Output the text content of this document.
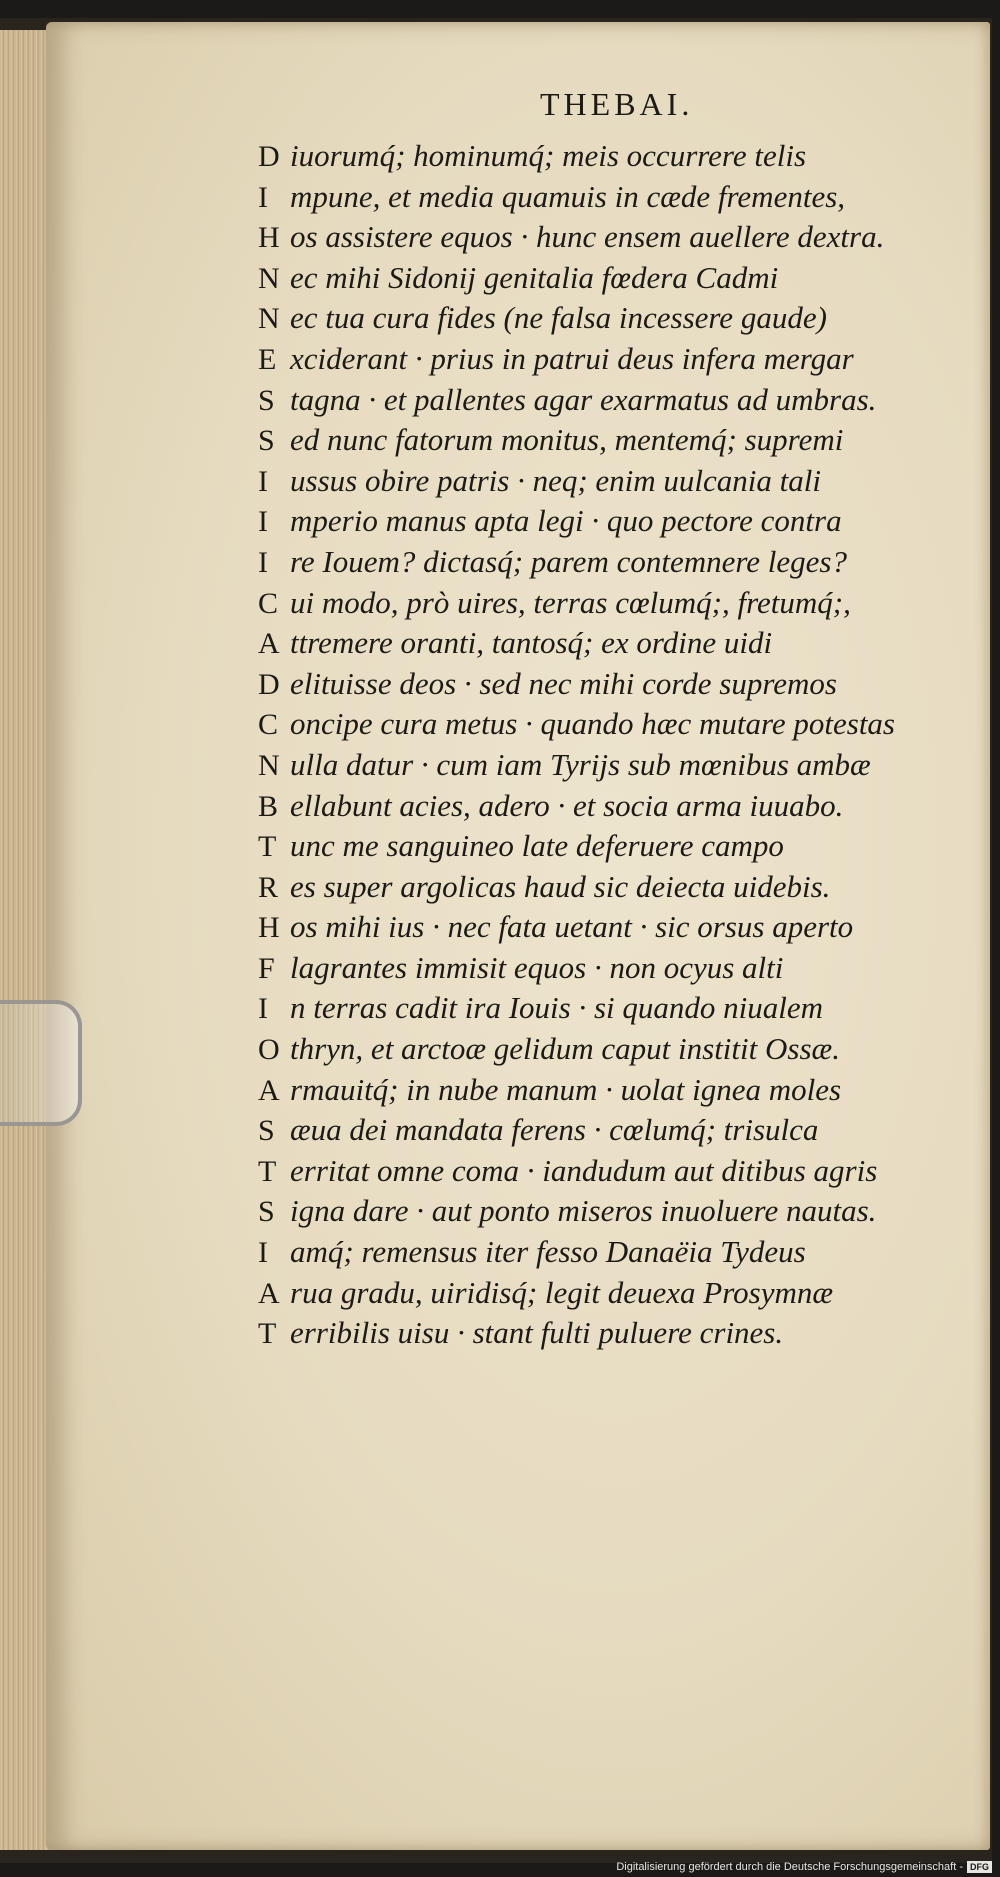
THEBAI.
D iuorumq́; hominumq́; meis occurrere telis
I mpune, et media quamuis in cæde frementes,
H os assistere equos · hunc ensem auellere dextra.
N ec mihi Sidonij genitalia fœdera Cadmi
N ec tua cura fides (ne falsa incessere gaude)
E xciderant · prius in patrui deus infera mergar
S tagna · et pallentes agar exarmatus ad umbras.
S ed nunc fatorum monitus, mentemq́; supremi
I ussus obire patris · neq; enim uulcania tali
I mperio manus apta legi · quo pectore contra
I re Iouem? dictasq́; parem contemnere leges?
C ui modo, prò uires, terras cœlumq́;, fretumq́;,
A ttremere oranti, tantosq́; ex ordine uidi
D elituisse deos · sed nec mihi corde supremos
C oncipe cura metus · quando hæc mutare potestas
N ulla datur · cum iam Tyrijs sub mœnibus ambæ
B ellabunt acies, adero · et socia arma iuuabo.
T unc me sanguineo late deferuere campo
R es super argolicas haud sic deiecta uidebis.
H os mihi ius · nec fata uetant · sic orsus aperto
F lagrantes immisit equos · non ocyus alti
I n terras cadit ira Iouis · si quando niualem
O thryn, et arctoæ gelidum caput institit Ossæ.
A rmauitq́; in nube manum · uolat ignea moles
S æua dei mandata ferens · cœlumq́; trisulca
T erritat omne coma · iandudum aut ditibus agris
S igna dare · aut ponto miseros inuoluere nautas.
I amq́; remensus iter fesso Danaëia Tydeus
A rua gradu, uiridisq́; legit deuexa Prosymnæ
T erribilis uisu · stant fulti puluere crines.
Digitalisierung gefördert durch die Deutsche Forschungsgemeinschaft - DFG
